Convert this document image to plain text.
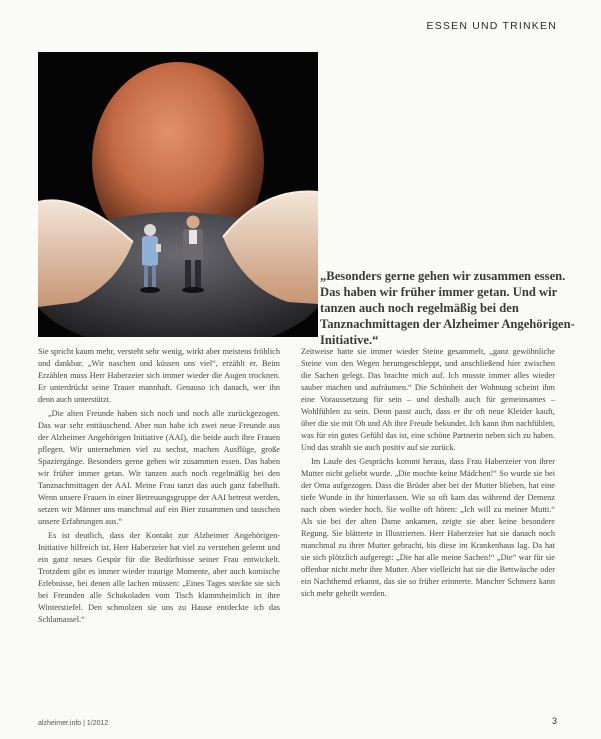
ESSEN UND TRINKEN
„Besonders gerne gehen wir zusammen essen. Das haben wir früher immer getan. Und wir tanzen auch noch regelmäßig bei den Tanznachmittagen der Alzheimer Angehörigen-Initiative.“

Sie spricht kaum mehr, versteht sehr wenig, wirkt aber meistens fröhlich und dankbar. „Wir naschen und küssen uns viel“, erzählt er. Beim Erzählen muss Herr Haberzeier sich immer wieder die Augen trocknen. Er unterdrückt seine Trauer mannhaft. Genauso ich danach, wer ihn denn auch unterstützt.

„Die alten Freunde haben sich noch und noch alle zurückgezogen. Das war sehr enttäuschend. Aber nun habe ich zwei neue Freunde aus der Alzheimer Angehörigen Initiative (AAI), die beide auch ihre Frauen pflegen. Wir unternehmen viel zu sechst, machen Ausflüge, große Spaziergänge. Besonders gerne gehen wir zusammen essen. Das haben wir früher immer getan. Wir tanzen auch noch regelmäßig bei den Tanznachmittagen der AAI. Meine Frau tanzt das auch ganz fabelhaft. Wenn unsere Frauen in einer Betreuungsgruppe der AAI betreut werden, setzen wir Männer uns manchmal auf ein Bier zusammen und tauschen unsere Erfahrungen aus.“

Es ist deutlich, dass der Kontakt zur Alzheimer Angehörigen-Initiative hilfreich ist. Herr Haberzeier hat viel zu verstehen gelernt und ein ganz neues Gespür für die Bedürfnisse seiner Frau entwickelt. Trotzdem gibt es immer wieder traurige Momente, aber auch komische Erlebnisse, bei denen alle lachen müssen: „Eines Tages steckte sie sich bei Freunden alle Schokoladen vom Tisch klammheimlich in ihre Winterstiefel. Den schmolzen sie uns zu Hause entdeckte ich das Schlamassel.“

Zeitweise hatte sie immer wieder Steine gesammelt, „ganz gewöhnliche Steine von den Wegen herumgeschleppt, und anschließend hier zwischen die Sachen gelegt. Das brachte mich auf. Ich musste immer alles wieder sauber machen und aufräumen.“ Die Schönheit der Wohnung scheint ihm eine Voraussetzung für sein – und deshalb auch für gemeinsames – Wohlfühlen zu sein. Denn passt auch, dass er ihr oft neue Kleider kauft, über die sie mit Oh und Ah ihre Freude bekundet. Ich kann ihm nachfühlen, was für ein gutes Gefühl das ist, eine schöne Partnerin neben sich zu haben. Und das strahlt sie auch positiv auf sie zurück.

Im Laufe des Gesprächs kommt heraus, dass Frau Haberzeier von ihrer Mutter nicht geliebt wurde. „Die mochte keine Mädchen!“ So wurde sie bei der Oma aufgezogen. Dass die Brüder aber bei der Mutter blieben, hat eine tiefe Wunde in ihr hinterlassen. Wie so oft kam das während der Demenz nach oben wieder hoch. Sie wollte oft hören: „Ich will zu meiner Mutti.“ Als sie bei der alten Dame ankamen, zeigte sie aber keine besondere Regung. Sie blätterte in Illustrierten. Herr Haberzeier hat sie danach noch manchmal zu ihrer Mutter gebracht, bis diese im Krankenhaus lag. Da hat sie sich plötzlich aufgeregt: „Die hat alle meine Sachen!“ „Die“ war für sie offenbar nicht mehr ihre Mutter. Aber vielleicht hat sie die Bettwäsche oder ein Nachthemd erkannt, das sie so früher erinnerte. Mancher Schmerz kann sich mehr geheilt werden.

alzheimer.info | 1/2012	3
